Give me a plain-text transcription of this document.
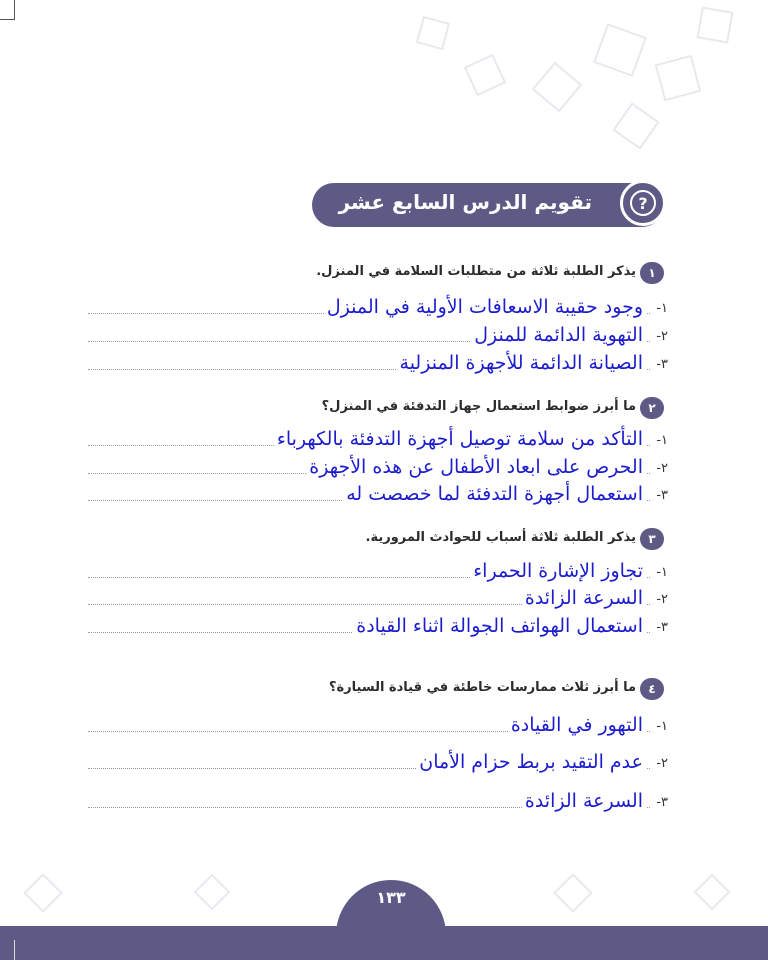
?
تقويم الدرس السابع عشر
١
يذكر الطلبة ثلاثة من متطلبات السلامة في المنزل.
١-
وجود حقيبة الاسعافات الأولية في المنزل
٢-
التهوية الدائمة للمنزل
٣-
الصيانة الدائمة للأجهزة المنزلية
٢
ما أبرز ضوابط استعمال جهاز التدفئة ﻓﻲ المنزل؟
١-
التأكد من سلامة توصيل أجهزة التدفئة بالكهرباء
٢-
الحرص على ابعاد الأطفال عن هذه الأجهزة
٣-
استعمال أجهزة التدفئة لما خصصت له
٣
يذكر الطلبة ثلاثة أسباب للحوادث المرورية.
١-
تجاوز الإشارة الحمراء
٢-
السرعة الزائدة
٣-
استعمال الهواتف الجوالة اثناء القيادة
٤
ما أبرز ثلاث ممارسات خاطئة ﻓﻲ قيادة السيارة؟
١-
التهور في القيادة
٢-
عدم التقيد بربط حزام الأمان
٣-
السرعة الزائدة
١٣٣
